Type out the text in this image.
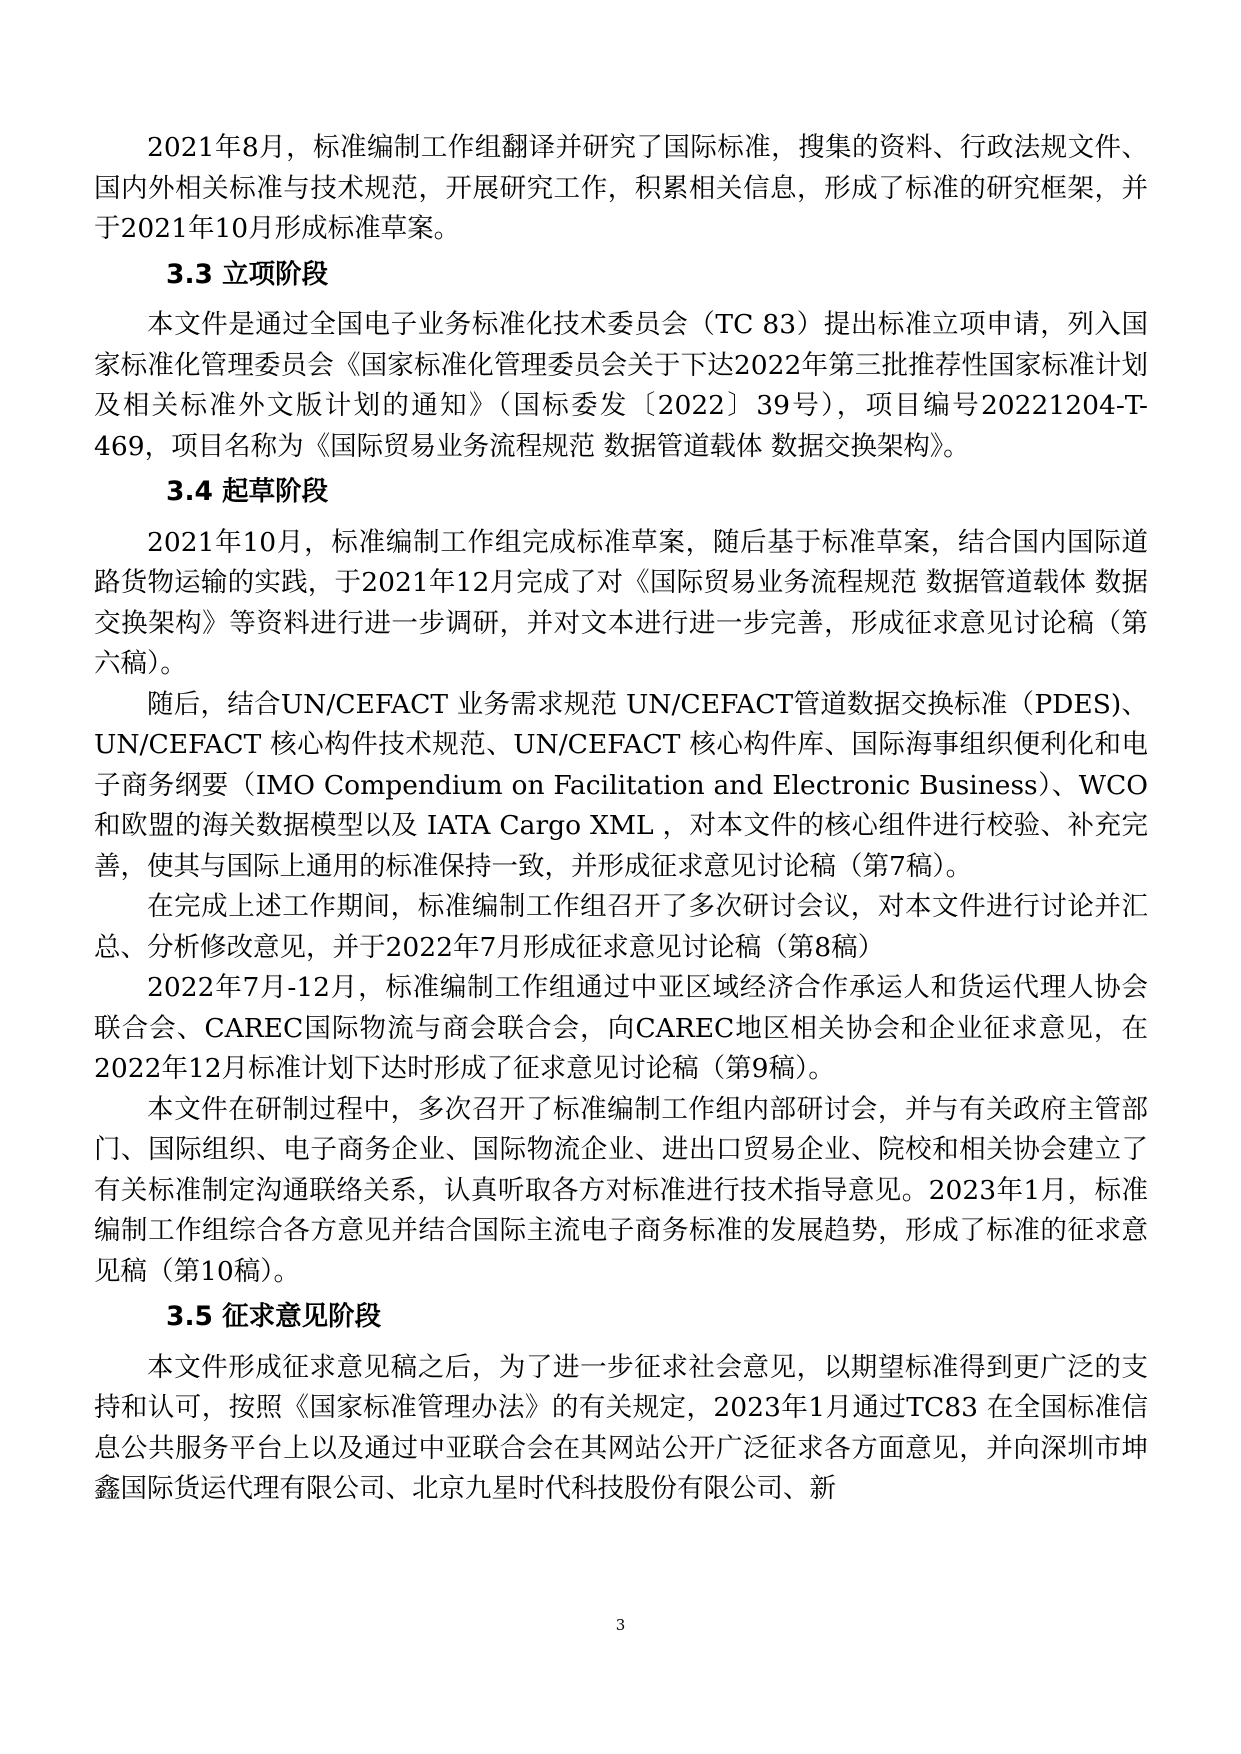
2021年8月，标准编制工作组翻译并研究了国际标准，搜集的资料、行政法规文件、国内外相关标准与技术规范，开展研究工作，积累相关信息，形成了标准的研究框架，并于2021年10月形成标准草案。

3.3 立项阶段

本文件是通过全国电子业务标准化技术委员会（TC 83）提出标准立项申请，列入国家标准化管理委员会《国家标准化管理委员会关于下达2022年第三批推荐性国家标准计划及相关标准外文版计划的通知》（国标委发〔2022〕39号），项目编号20221204-T-469，项目名称为《国际贸易业务流程规范 数据管道载体 数据交换架构》。

3.4 起草阶段

2021年10月，标准编制工作组完成标准草案，随后基于标准草案，结合国内国际道路货物运输的实践，于2021年12月完成了对《国际贸易业务流程规范 数据管道载体 数据交换架构》等资料进行进一步调研，并对文本进行进一步完善，形成征求意见讨论稿（第六稿）。

随后，结合UN/CEFACT 业务需求规范 UN/CEFACT管道数据交换标准（PDES)、UN/CEFACT 核心构件技术规范、UN/CEFACT 核心构件库、国际海事组织便利化和电子商务纲要（IMO Compendium on Facilitation and Electronic Business）、WCO 和欧盟的海关数据模型以及 IATA Cargo XML ，对本文件的核心组件进行校验、补充完善，使其与国际上通用的标准保持一致，并形成征求意见讨论稿（第7稿）。

在完成上述工作期间，标准编制工作组召开了多次研讨会议，对本文件进行讨论并汇总、分析修改意见，并于2022年7月形成征求意见讨论稿（第8稿）

2022年7月-12月，标准编制工作组通过中亚区域经济合作承运人和货运代理人协会联合会、CAREC国际物流与商会联合会，向CAREC地区相关协会和企业征求意见，在2022年12月标准计划下达时形成了征求意见讨论稿（第9稿）。

本文件在研制过程中，多次召开了标准编制工作组内部研讨会，并与有关政府主管部门、国际组织、电子商务企业、国际物流企业、进出口贸易企业、院校和相关协会建立了有关标准制定沟通联络关系，认真听取各方对标准进行技术指导意见。2023年1月，标准编制工作组综合各方意见并结合国际主流电子商务标准的发展趋势，形成了标准的征求意见稿（第10稿）。

3.5 征求意见阶段

本文件形成征求意见稿之后，为了进一步征求社会意见，以期望标准得到更广泛的支持和认可，按照《国家标准管理办法》的有关规定，2023年1月通过TC83 在全国标准信息公共服务平台上以及通过中亚联合会在其网站公开广泛征求各方面意见，并向深圳市坤鑫国际货运代理有限公司、北京九星时代科技股份有限公司、新

3
